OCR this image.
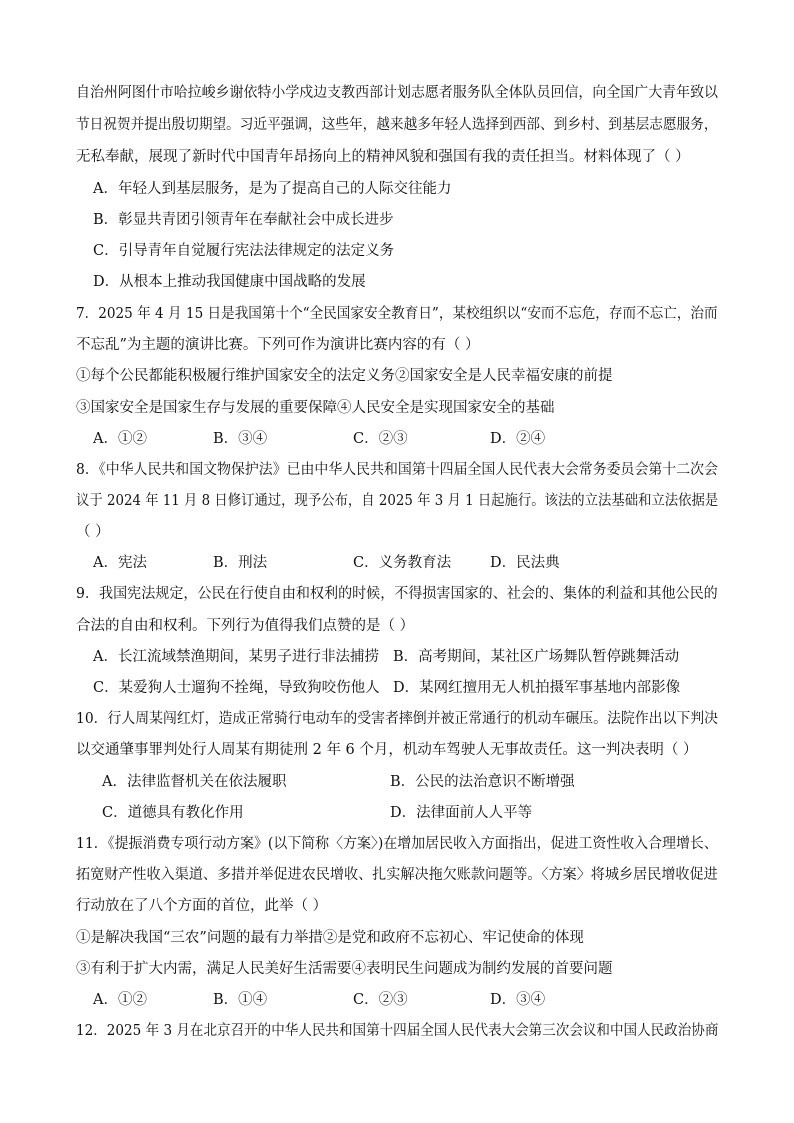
自治州阿图什市哈拉峻乡谢依特小学戍边支教西部计划志愿者服务队全体队员回信，向全国广大青年致以
节日祝贺并提出殷切期望。习近平强调，这些年，越来越多年轻人选择到西部、到乡村、到基层志愿服务，
无私奉献，展现了新时代中国青年昂扬向上的精神风貌和强国有我的责任担当。材料体现了（ ）
A．年轻人到基层服务，是为了提高自己的人际交往能力
B．彰显共青团引领青年在奉献社会中成长进步
C．引导青年自觉履行宪法法律规定的法定义务
D．从根本上推动我国健康中国战略的发展
7．2025 年 4 月 15 日是我国第十个“全民国家安全教育日”，某校组织以“安而不忘危，存而不忘亡，治而
不忘乱”为主题的演讲比赛。下列可作为演讲比赛内容的有（ ）
①每个公民都能积极履行维护国家安全的法定义务②国家安全是人民幸福安康的前提
③国家安全是国家生存与发展的重要保障④人民安全是实现国家安全的基础
A．①②	B．③④	C．②③	D．②④
8．《中华人民共和国文物保护法》已由中华人民共和国第十四届全国人民代表大会常务委员会第十二次会
议于 2024 年 11 月 8 日修订通过，现予公布，自 2025 年 3 月 1 日起施行。该法的立法基础和立法依据是
（ ）
A．宪法	B．刑法	C．义务教育法	D．民法典
9．我国宪法规定，公民在行使自由和权利的时候，不得损害国家的、社会的、集体的利益和其他公民的
合法的自由和权利。下列行为值得我们点赞的是（ ）
A．长江流域禁渔期间，某男子进行非法捕捞 B．高考期间，某社区广场舞队暂停跳舞活动
C．某爱狗人士遛狗不拴绳，导致狗咬伤他人 D．某网红擅用无人机拍摄军事基地内部影像
10．行人周某闯红灯，造成正常骑行电动车的受害者摔倒并被正常通行的机动车碾压。法院作出以下判决
以交通肇事罪判处行人周某有期徒刑 2 年 6 个月，机动车驾驶人无事故责任。这一判决表明（ ）
A．法律监督机关在依法履职	B．公民的法治意识不断增强
C．道德具有教化作用	D．法律面前人人平等
11．《提振消费专项行动方案》(以下简称〈方案〉)在增加居民收入方面指出，促进工资性收入合理增长、
拓宽财产性收入渠道、多措并举促进农民增收、扎实解决拖欠账款问题等。〈方案〉将城乡居民增收促进
行动放在了八个方面的首位，此举（ ）
①是解决我国“三农”问题的最有力举措②是党和政府不忘初心、牢记使命的体现
③有利于扩大内需，满足人民美好生活需要④表明民生问题成为制约发展的首要问题
A．①②	B．①④	C．②③	D．③④
12．2025 年 3 月在北京召开的中华人民共和国第十四届全国人民代表大会第三次会议和中国人民政治协商
